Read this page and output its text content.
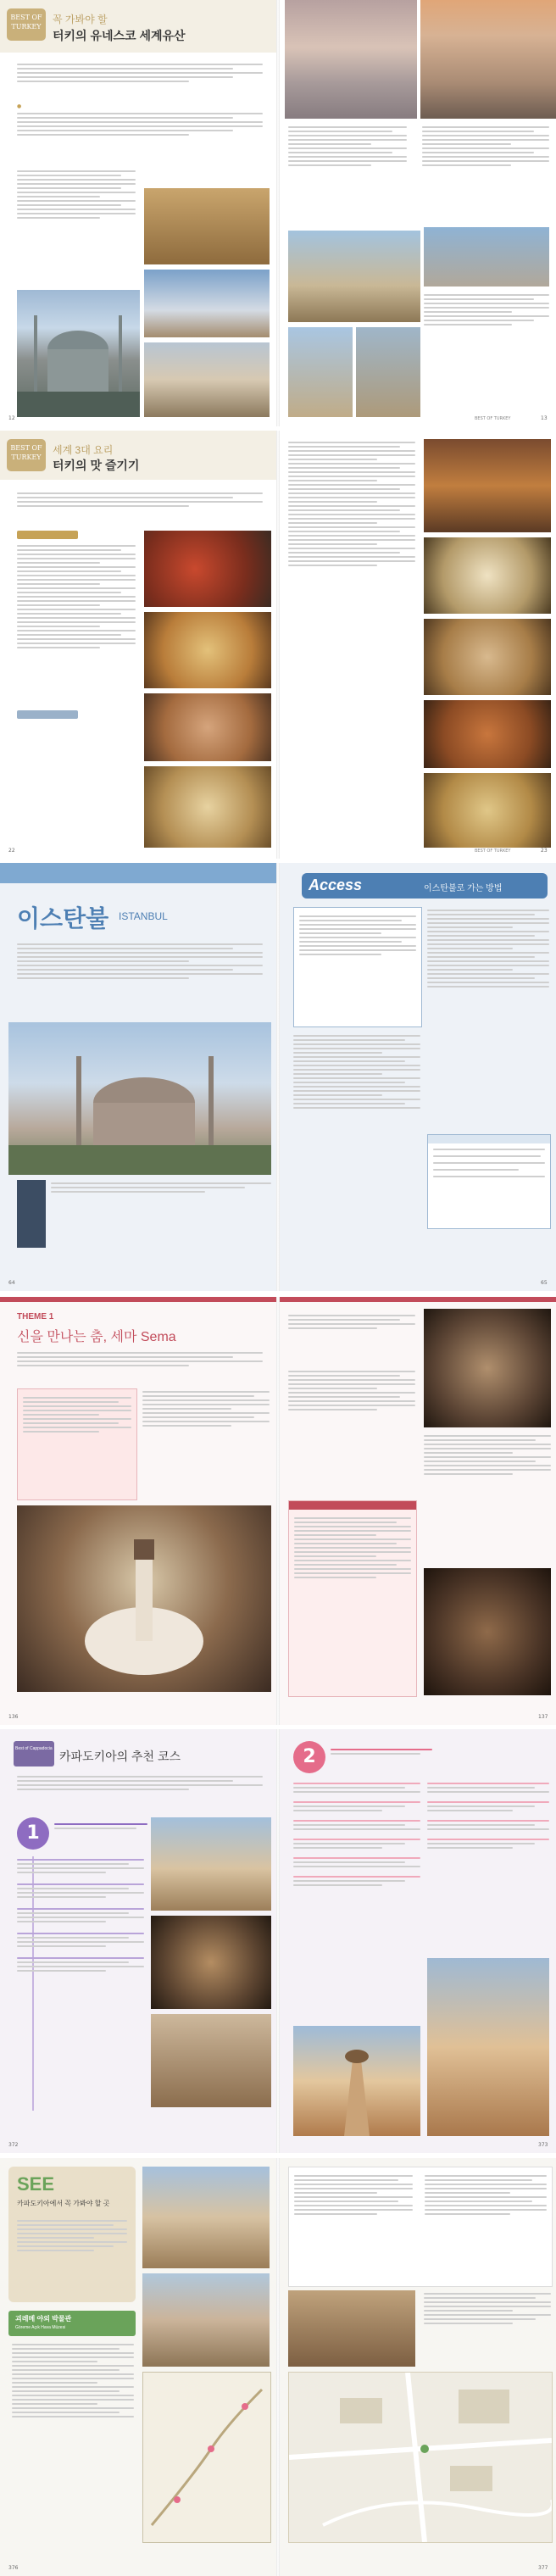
BEST OF TURKEY
꼭 가봐야 할
터키의 유네스코 세계유산
●
12	BEST OF TURKEY	13
BEST OF TURKEY
세계 3대 요리
터키의 맛 즐기기
22	BEST OF TURKEY	23
이스탄불 ISTANBUL
Access	이스탄불로 가는 방법
64	65
THEME 1
신을 만나는 춤, 세마 Sema
136	137
Best of Cappadocia
카파도키아의 추천 코스
1
2
372	373
SEE
카파도키아에서 꼭 가봐야 할 곳
괴레메 야외 박물관
Göreme Açık Hava Müzesi
376	377
